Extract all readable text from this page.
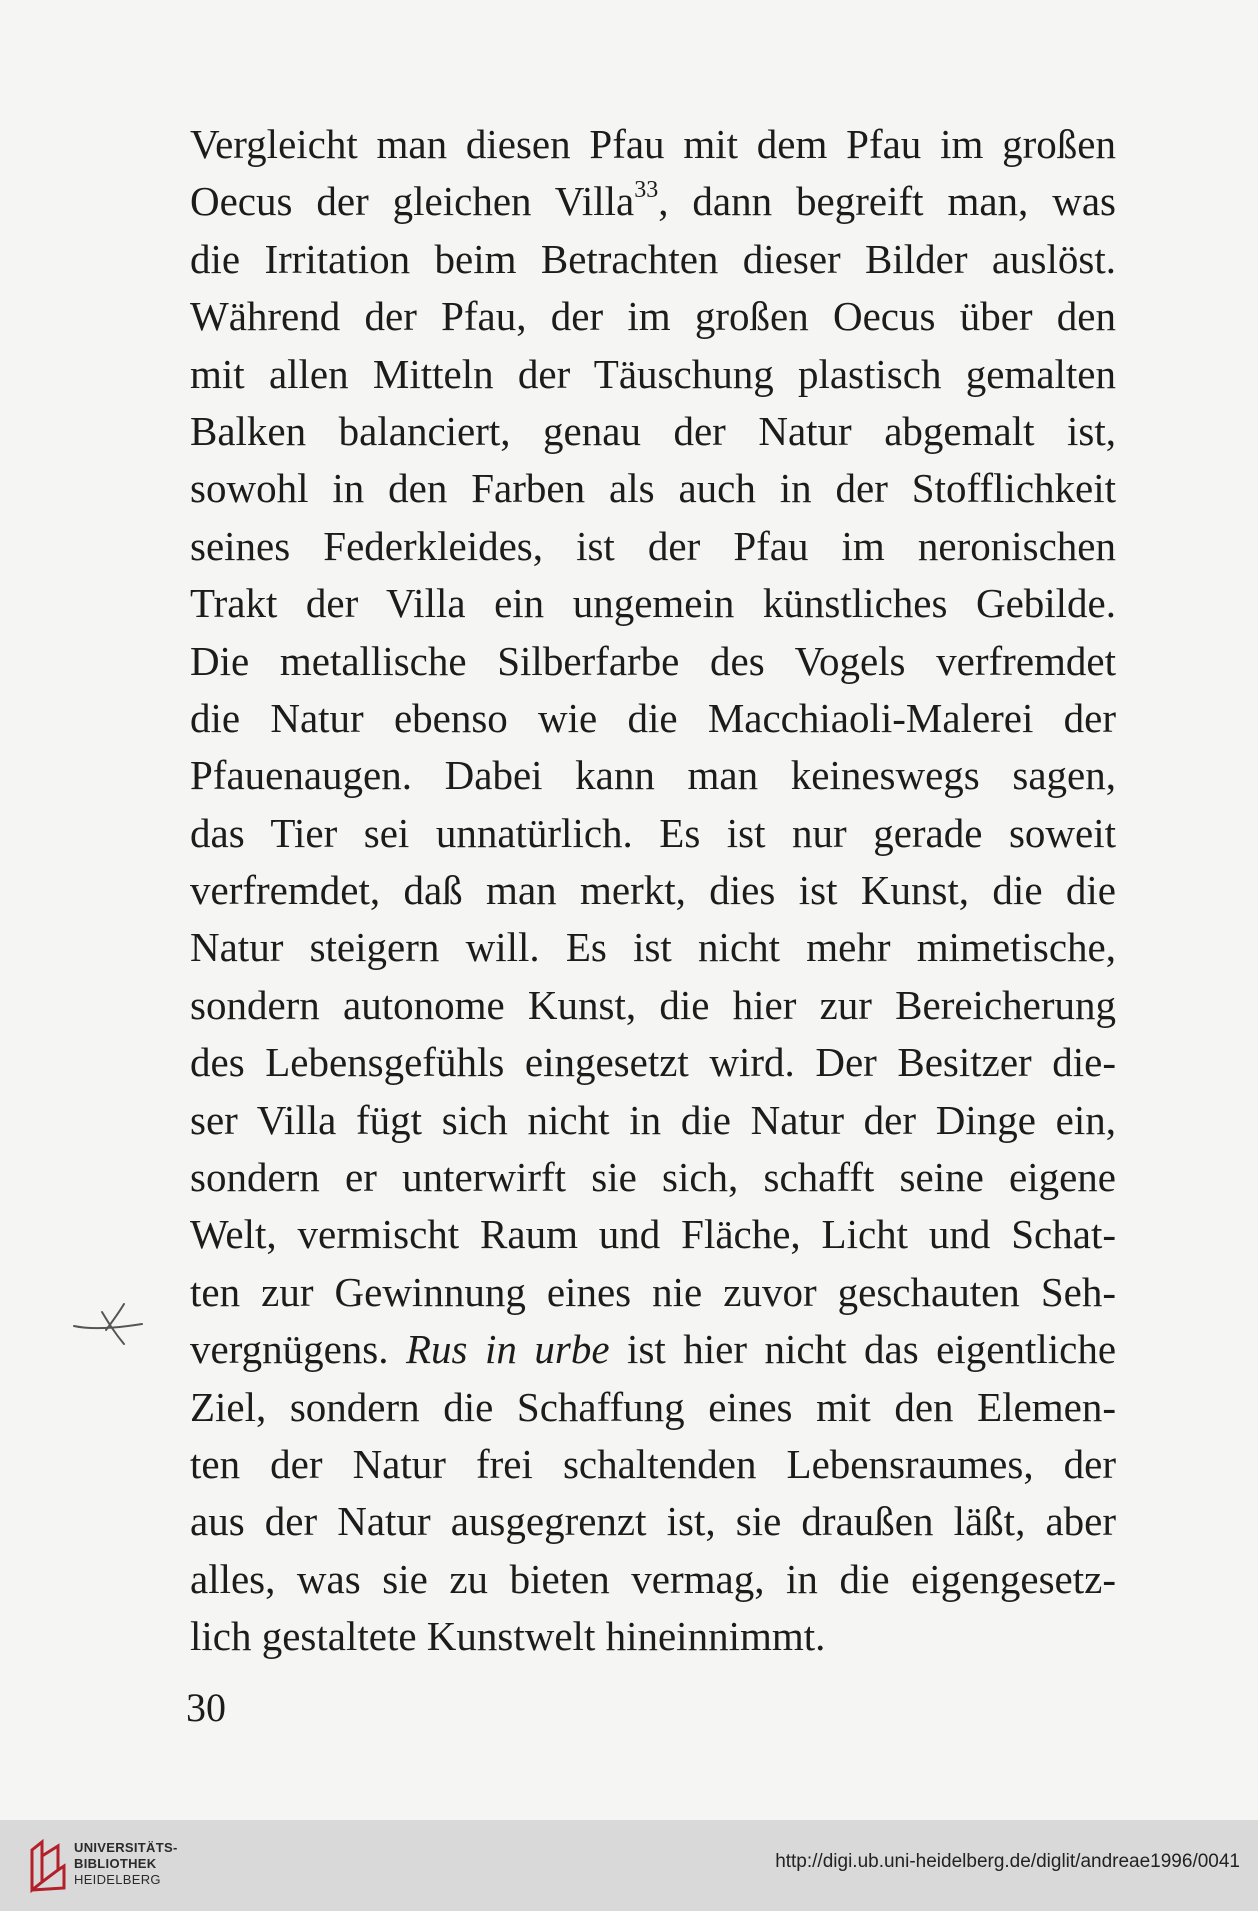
Vergleicht man diesen Pfau mit dem Pfau im großen
Oecus der gleichen Villa$^{33}$, dann begreift man, was
die Irritation beim Betrachten dieser Bilder auslöst.
Während der Pfau, der im großen Oecus über den
mit allen Mitteln der Täuschung plastisch gemalten
Balken balanciert, genau der Natur abgemalt ist,
sowohl in den Farben als auch in der Stofflichkeit
seines Federkleides, ist der Pfau im neronischen
Trakt der Villa ein ungemein künstliches Gebilde.
Die metallische Silberfarbe des Vogels verfremdet
die Natur ebenso wie die Macchiaoli-Malerei der
Pfauenaugen. Dabei kann man keineswegs sagen,
das Tier sei unnatürlich. Es ist nur gerade soweit
verfremdet, daß man merkt, dies ist Kunst, die die
Natur steigern will. Es ist nicht mehr mimetische,
sondern autonome Kunst, die hier zur Bereicherung
des Lebensgefühls eingesetzt wird. Der Besitzer die-
ser Villa fügt sich nicht in die Natur der Dinge ein,
sondern er unterwirft sie sich, schafft seine eigene
Welt, vermischt Raum und Fläche, Licht und Schat-
ten zur Gewinnung eines nie zuvor geschauten Seh-
vergnügens. Rus in urbe ist hier nicht das eigentliche
Ziel, sondern die Schaffung eines mit den Elemen-
ten der Natur frei schaltenden Lebensraumes, der
aus der Natur ausgegrenzt ist, sie draußen läßt, aber
alles, was sie zu bieten vermag, in die eigengesetz-
lich gestaltete Kunstwelt hineinnimmt.
30
UNIVERSITÄTS-
BIBLIOTHEK
HEIDELBERG
http://digi.ub.uni-heidelberg.de/diglit/andreae1996/0041
